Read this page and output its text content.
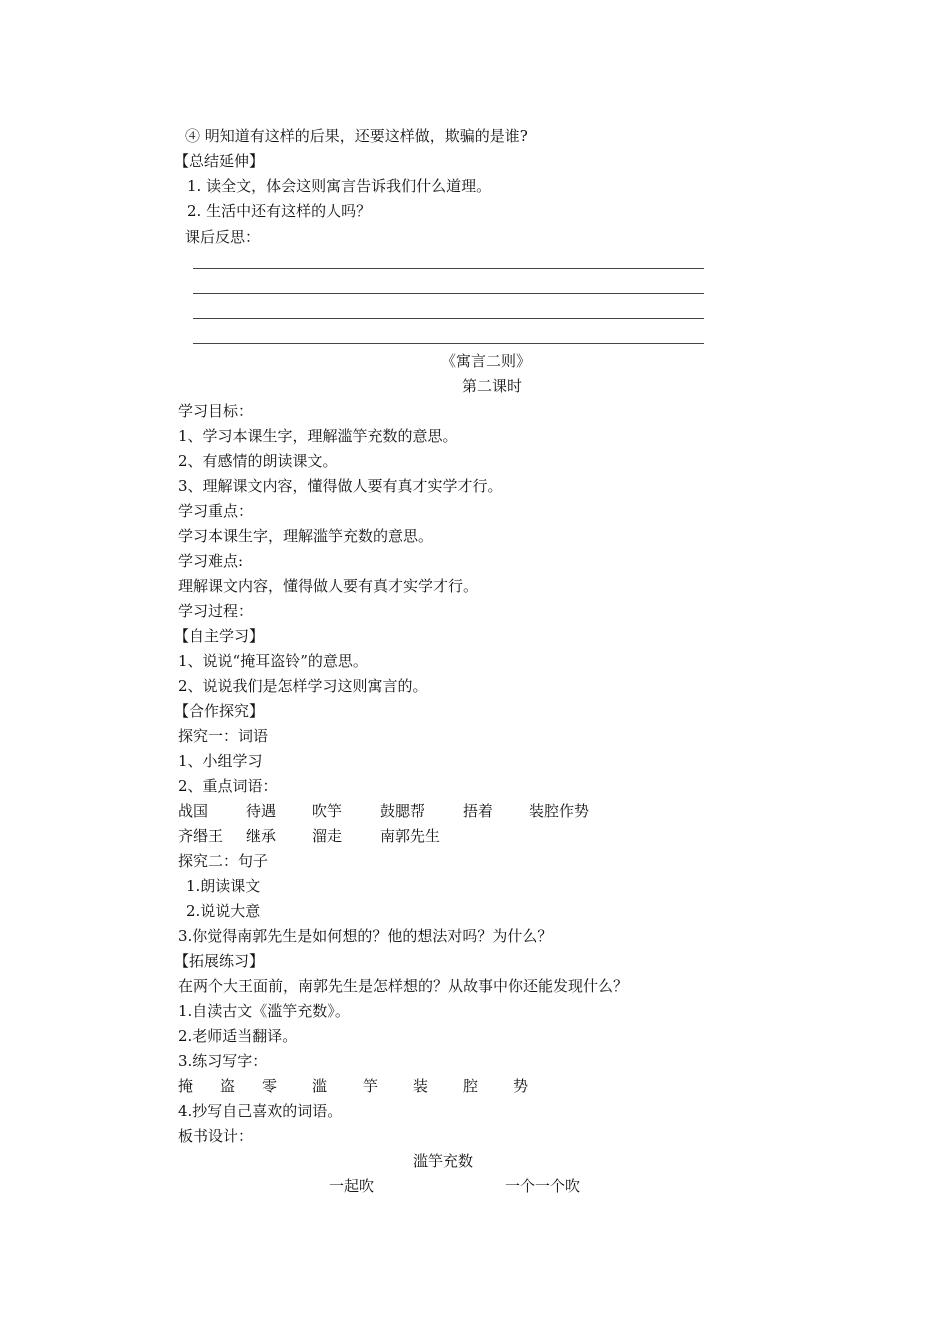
④ 明知道有这样的后果，还要这样做，欺骗的是谁?
【总结延伸】
1. 读全文，体会这则寓言告诉我们什么道理。
2. 生活中还有这样的人吗？
课后反思：
《寓言二则》
第二课时
学习目标：
1、学习本课生字，理解滥竽充数的意思。
2、有感情的朗读课文。
3、理解课文内容，懂得做人要有真才实学才行。
学习重点：
学习本课生字，理解滥竽充数的意思。
学习难点:
理解课文内容，懂得做人要有真才实学才行。
学习过程：
【自主学习】
1、说说“掩耳盗铃”的意思。
2、说说我们是怎样学习这则寓言的。
【合作探究】
探究一：词语
1、小组学习
2、重点词语：
战国	待遇 吹竽	鼓腮帮	捂着 装腔作势
齐缗王 继承 溜走	南郭先生
探究二：句子
1.朗读课文
2.说说大意
3.你觉得南郭先生是如何想的？他的想法对吗？为什么？
【拓展练习】
在两个大王面前，南郭先生是怎样想的？从故事中你还能发现什么？
1.自渎古文《滥竽充数》。
2.老师适当翻译。
3.练习写字：
掩 盗 零 滥 竽 装 腔 势
4.抄写自己喜欢的词语。
板书设计：
滥竽充数
一起吹	一个一个吹
